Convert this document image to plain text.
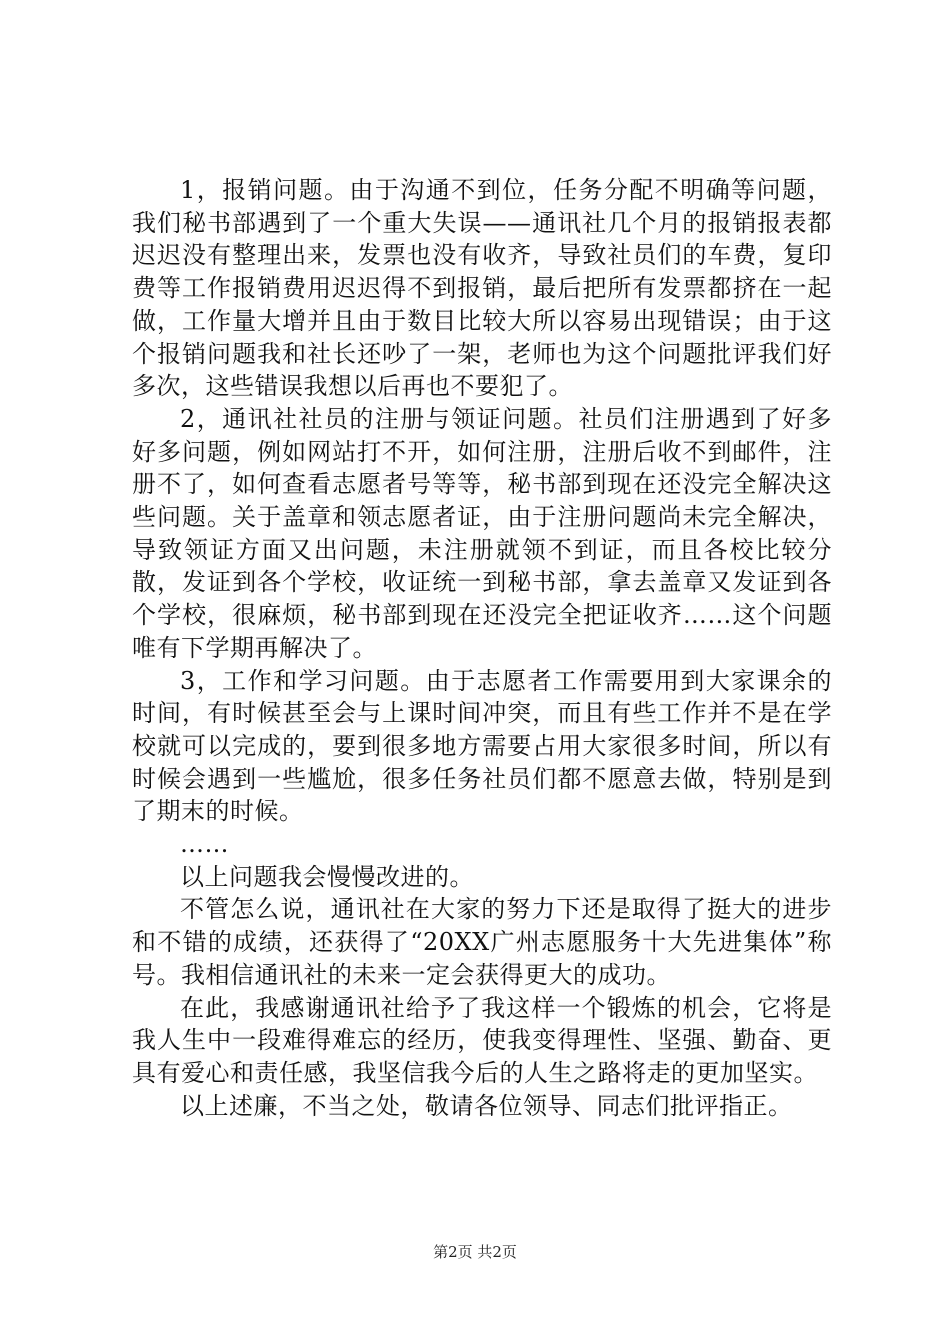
1，报销问题。由于沟通不到位，任务分配不明确等问题，我们秘书部遇到了一个重大失误——通讯社几个月的报销报表都迟迟没有整理出来，发票也没有收齐，导致社员们的车费，复印费等工作报销费用迟迟得不到报销，最后把所有发票都挤在一起做，工作量大增并且由于数目比较大所以容易出现错误；由于这个报销问题我和社长还吵了一架，老师也为这个问题批评我们好多次，这些错误我想以后再也不要犯了。

2，通讯社社员的注册与领证问题。社员们注册遇到了好多好多问题，例如网站打不开，如何注册，注册后收不到邮件，注册不了，如何查看志愿者号等等，秘书部到现在还没完全解决这些问题。关于盖章和领志愿者证，由于注册问题尚未完全解决，导致领证方面又出问题，未注册就领不到证，而且各校比较分散，发证到各个学校，收证统一到秘书部，拿去盖章又发证到各个学校，很麻烦，秘书部到现在还没完全把证收齐……这个问题唯有下学期再解决了。

3，工作和学习问题。由于志愿者工作需要用到大家课余的时间，有时候甚至会与上课时间冲突，而且有些工作并不是在学校就可以完成的，要到很多地方需要占用大家很多时间，所以有时候会遇到一些尴尬，很多任务社员们都不愿意去做，特别是到了期末的时候。

……

以上问题我会慢慢改进的。

不管怎么说，通讯社在大家的努力下还是取得了挺大的进步和不错的成绩，还获得了“20XX广州志愿服务十大先进集体”称号。我相信通讯社的未来一定会获得更大的成功。

在此，我感谢通讯社给予了我这样一个锻炼的机会，它将是我人生中一段难得难忘的经历，使我变得理性、坚强、勤奋、更具有爱心和责任感，我坚信我今后的人生之路将走的更加坚实。

以上述廉，不当之处，敬请各位领导、同志们批评指正。

第2页 共2页
